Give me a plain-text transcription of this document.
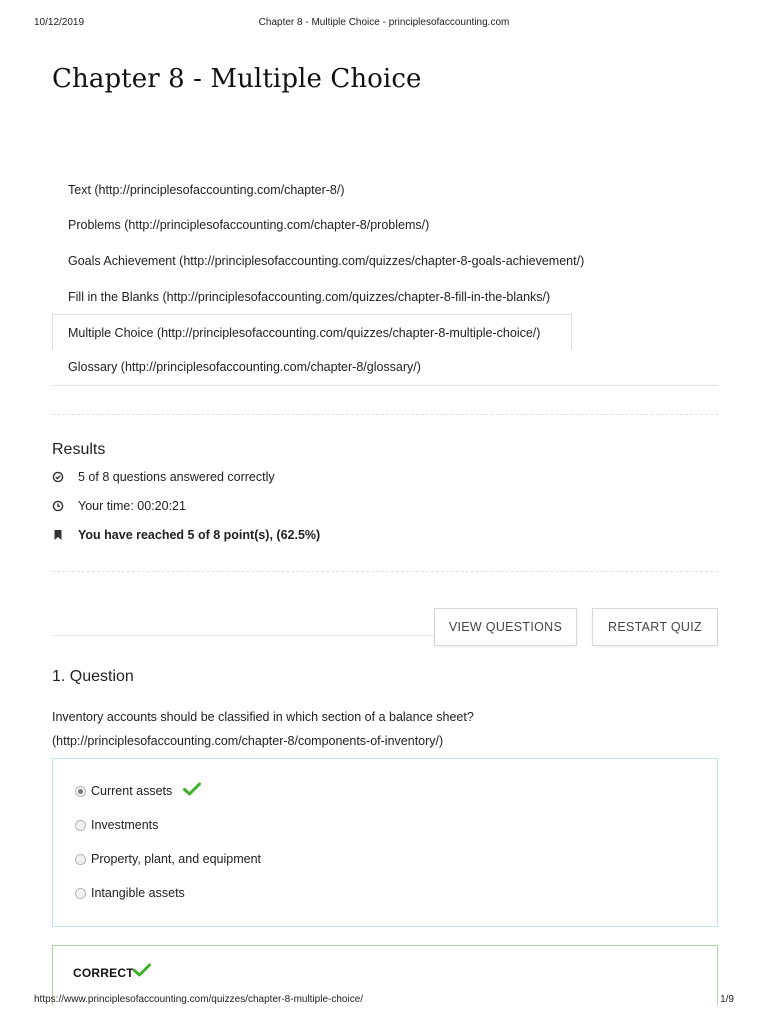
10/12/2019	Chapter 8 - Multiple Choice - principlesofaccounting.com
Chapter 8 - Multiple Choice
Text (http://principlesofaccounting.com/chapter-8/)
Problems (http://principlesofaccounting.com/chapter-8/problems/)
Goals Achievement (http://principlesofaccounting.com/quizzes/chapter-8-goals-achievement/)
Fill in the Blanks (http://principlesofaccounting.com/quizzes/chapter-8-fill-in-the-blanks/)
Multiple Choice (http://principlesofaccounting.com/quizzes/chapter-8-multiple-choice/)
Glossary (http://principlesofaccounting.com/chapter-8/glossary/)
Results
5 of 8 questions answered correctly
Your time: 00:20:21
You have reached 5 of 8 point(s), (62.5%)
VIEW QUESTIONS	RESTART QUIZ
1. Question
Inventory accounts should be classified in which section of a balance sheet?
(http://principlesofaccounting.com/chapter-8/components-of-inventory/)
Current assets
Investments
Property, plant, and equipment
Intangible assets
CORRECT
https://www.principlesofaccounting.com/quizzes/chapter-8-multiple-choice/	1/9
